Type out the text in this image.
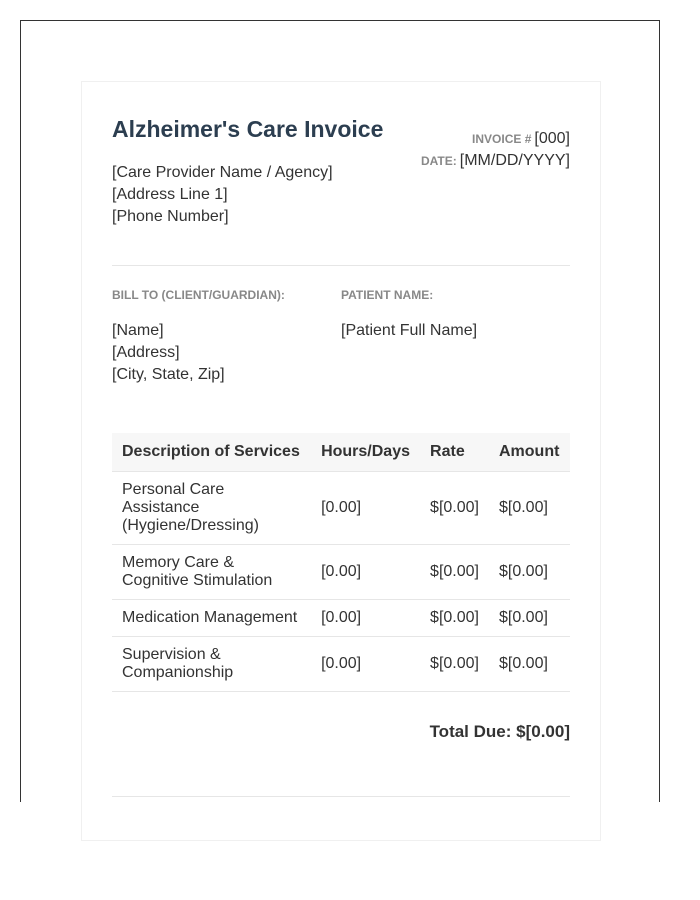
Alzheimer's Care Invoice
[Care Provider Name / Agency]
[Address Line 1]
[Phone Number]
INVOICE # [000]
DATE: [MM/DD/YYYY]
BILL TO (CLIENT/GUARDIAN):	PATIENT NAME:
[Name]
[Address]
[City, State, Zip]
[Patient Full Name]
Description of Services	Hours/Days	Rate	Amount

Personal Care
Assistance
(Hygiene/Dressing)	[0.00]	$[0.00]	$[0.00]

Memory Care &
Cognitive Stimulation	[0.00]	$[0.00]	$[0.00]

Medication Management	[0.00]	$[0.00]	$[0.00]

Supervision &
Companionship	[0.00]	$[0.00]	$[0.00]
Total Due: $[0.00]
